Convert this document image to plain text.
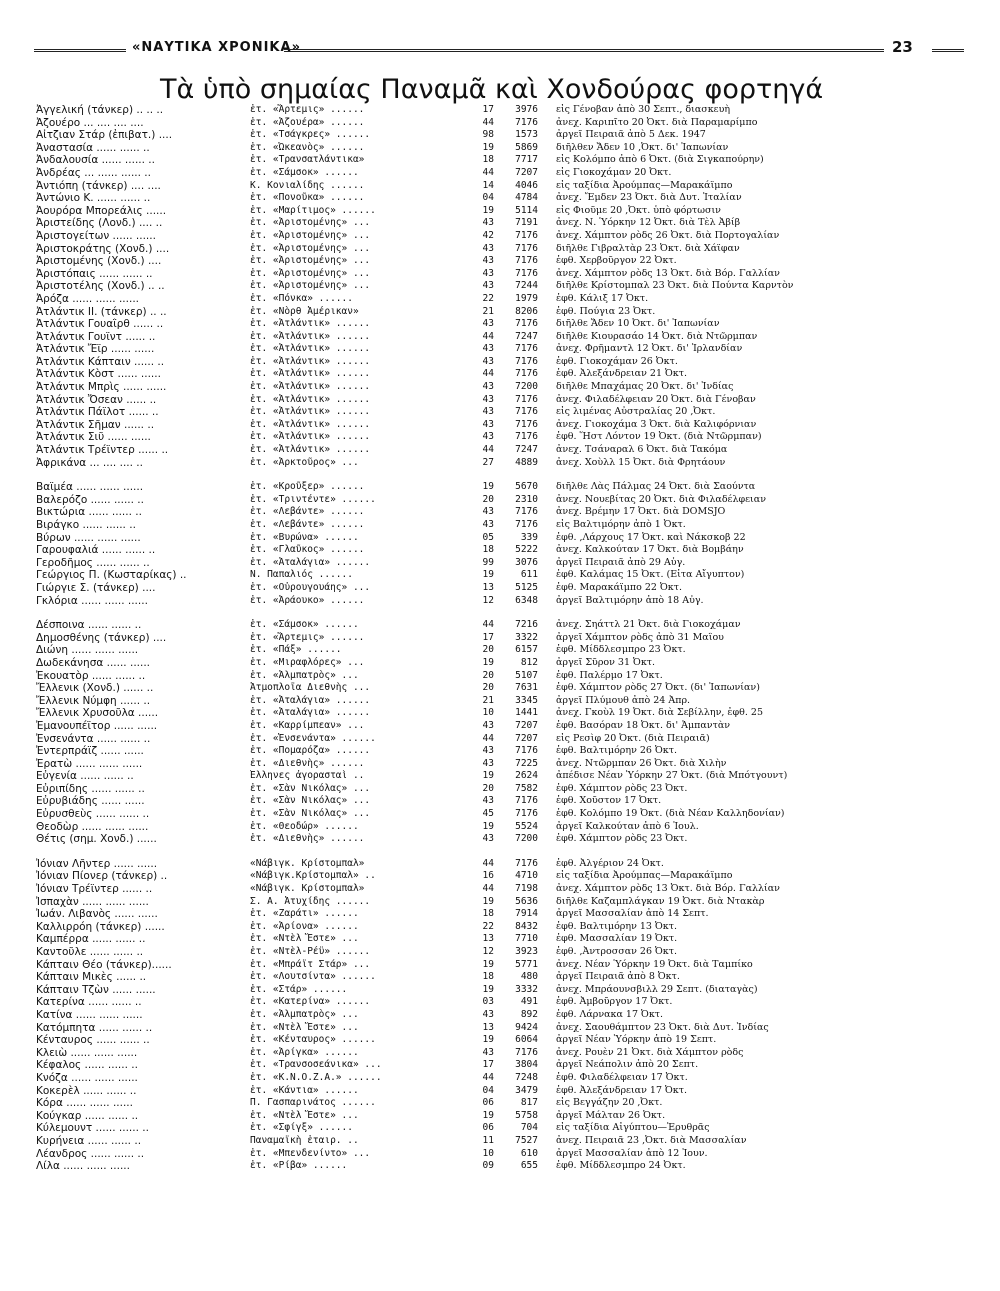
«ΝΑΥΤΙΚΑ ΧΡΟΝΙΚΑ»	23
Τὰ ὑπὸ σημαίας Παναμᾶ καὶ Χονδούρας φορτηγά
Ἀγγελική (τάνκερ) .. .. ..	ἑτ. «Ἄρτεμις» ......	17	3976	εἰς Γένοβαν ἀπὸ 30 Σεπτ., διασκευὴ
Ἀζουέρο ... .... .... ....	ἑτ. «Ἀζουέρα» ......	44	7176	ἀνεχ. Καριπῖτο 20 Ὀκτ. διὰ Παραμαρίμπο
Αἰτζιαν Στάρ (ἐπιβατ.) ....	ἑτ. «Τσάγκρες» ......	98	1573	ἀργεῖ Πειραιᾶ ἀπὸ 5 Δεκ. 1947
Ἀναστασία ...... ...... ..	ἑτ. «Ὠκεανὸς» ......	19	5869	διῆλθεν Ἄδεν 10 ,Ὀκτ. δι' Ἰαπωνίαν
Ἀνδαλουσία ...... ...... ..	ἑτ. «Τρανσατλάντικα»	18	7717	εἰς Κολόμπο ἀπὸ 6 Ὀκτ. (διὰ Σιγκαπούρην)
Ἀνδρέας ... ...... ...... ..	ἑτ. «Σάμσοκ» ......	44	7207	εἰς Γιοκοχάμαν 20 Ὀκτ.
Ἀντιόπη (τάνκερ) .... ....	Κ. Κονιαλίδης ......	14	4046	εἰς ταξίδια Ἀρούμπας—Μαρακάϊμπο
Ἀντώνιο Κ. ...... ...... ..	ἑτ. «Πονοῦκα» ......	04	4784	ἀνεχ. Ἔμδεν 23 Ὀκτ. διὰ Δυτ. Ἰταλίαν
Ἀουρόρα Μπορεάλις ......	ἑτ. «Μαρίτιμος» ......	19	5114	εἰς Φιοῦμε 20 ,Ὀκτ. ὑπὸ φόρτωσιν
Ἀριστείδης (Λονδ.) .... ..	ἑτ. «Ἀριστομένης» ...	43	7191	ἀνεχ. Ν. Ὑόρκην 12 Ὀκτ. διὰ Τὲλ Ἀβίβ
Ἀριστογείτων ...... ......	ἑτ. «Ἀριστομένης» ...	42	7176	ἀνεχ. Χάμπτον ρὸδς 26 Ὀκτ. διὰ Πορτογαλίαν
Ἀριστοκράτης (Χονδ.) ....	ἑτ. «Ἀριστομένης» ...	43	7176	διῆλθε Γιβραλτὰρ 23 Ὀκτ. διὰ Χάϊφαν
Ἀριστομένης (Χονδ.) ....	ἑτ. «Ἀριστομένης» ...	43	7176	ἐφθ. Χερβοῦργον 22 Ὀκτ.
Ἀριστόπαις ...... ...... ..	ἑτ. «Ἀριστομένης» ...	43	7176	ἀνεχ. Χάμπτον ρὸδς 13 Ὀκτ. διὰ Βόρ. Γαλλίαν
Ἀριστοτέλης (Χονδ.) .. ..	ἑτ. «Ἀριστομένης» ...	43	7244	διῆλθε Κρίστομπαλ 23 Ὀκτ. διὰ Πούντα Καρντὸν
Ἀρόζα ...... ...... ......	ἑτ. «Πόνκα» ......	22	1979	ἐφθ. Κάλιξ 17 Ὀκτ.
Ἀτλάντικ ΙΙ. (τάνκερ) .. ..	ἑτ. «Νὸρθ Ἀμέρικαν»	21	8206	ἐφθ. Πούγια 23 Ὀκτ.
Ἀτλάντικ Γουαΐρθ ...... ..	ἑτ. «Ἀτλάντικ» ......	43	7176	διῆλθε Ἄδεν 10 Ὀκτ. δι' Ἰαπωνίαν
Ἀτλάντικ Γουϊντ ...... ..	ἑτ. «Ἀτλάντικ» ......	44	7247	διῆλθε Κιουρασάο 14 Ὀκτ. διὰ Ντῶρμπαν
Ἀτλάντικ Ἔϊρ ...... ......	ἑτ. «Ἀτλάντικ» ......	43	7176	ἀνεχ. Φρῆμαντλ 12 Ὀκτ. δι' Ἰρλανδίαν
Ἀτλάντικ Κάπταιν ...... ..	ἑτ. «Ἀτλάντικ» ......	43	7176	ἐφθ. Γιοκοχάμαν 26 Ὀκτ.
Ἀτλάντικ Κὸστ ...... ......	ἑτ. «Ἀτλάντικ» ......	44	7176	ἐφθ. Ἀλεξάνδρειαν 21 Ὀκτ.
Ἀτλάντικ Μπρὶς ...... ......	ἑτ. «Ἀτλάντικ» ......	43	7200	διῆλθε Μπαχάμας 20 Ὀκτ. δι' Ἰνδίας
Ἀτλάντικ Ὄσεαν ...... ..	ἑτ. «Ἀτλάντικ» ......	43	7176	ἀνεχ. Φιλαδέλφειαν 20 Ὀκτ. διὰ Γένοβαν
Ἀτλάντικ Πάϊλοτ ...... ..	ἑτ. «Ἀτλάντικ» ......	43	7176	εἰς λιμένας Αὐστραλίας 20 ,Ὀκτ.
Ἀτλάντικ Σῆμαν ...... ..	ἑτ. «Ἀτλάντικ» ......	43	7176	ἀνεχ. Γιοκοχάμα 3 Ὀκτ. διὰ Καλιφόρνιαν
Ἀτλάντικ Σιῦ ...... ......	ἑτ. «Ἀτλάντικ» ......	43	7176	ἐφθ. Ἥστ Λόντον 19 Ὀκτ. (διὰ Ντῶρμπαν)
Ἀτλάντικ Τρέϊντερ ...... ..	ἑτ. «Ἀτλάντικ» ......	44	7247	ἀνεχ. Τσάναραλ 6 Ὀκτ. διὰ Τακόμα
Ἀφρικάνα ... .... .... ..	ἑτ. «Ἀρκτοῦρος» ...	27	4889	ἀνεχ. Χοὺλλ 15 Ὀκτ. διὰ Φρητάουν
Βαϊμέα ...... ...... ......	ἑτ. «Κροῦξερ» ......	19	5670	διῆλθε Λὰς Πάλμας 24 Ὀκτ. διὰ Σαούντα
Βαλερόζο ...... ...... ..	ἑτ. «Τριντέντε» ......	20	2310	ἀνεχ. Νουεβίτας 20 Ὀκτ. διὰ Φιλαδέλφειαν
Βικτώρια ...... ...... ..	ἑτ. «Λεβάντε» ......	43	7176	ἀνεχ. Βρέμην 17 Ὀκτ. διὰ DOMSJO
Βιράγκο ...... ...... ..	ἑτ. «Λεβάντε» ......	43	7176	εἰς Βαλτιμόρην ἀπὸ 1 Ὀκτ.
Βύρων ...... ...... ......	ἑτ. «Βυρώνα» ......	05	339	ἐφθ. ,Λάρχους 17 Ὀκτ. καὶ Νάκσκοβ 22
Γαρουφαλιά ...... ...... ..	ἑτ. «Γλαῦκος» ......	18	5222	ἀνεχ. Καλκούταν 17 Ὀκτ. διὰ Βομβάην
Γεροδῆμος ...... ...... ..	ἑτ. «Ἀταλάγια» ......	99	3076	ἀργεῖ Πειραιᾶ ἀπὸ 29 Αὐγ.
Γεώργιος Π. (Κωσταρίκας) ..	Ν. Παπαλιός ......	19	611	ἐφθ. Καλάμας 15 Ὀκτ. (Εἶτα Αἴγυπτον)
Γιώργιε Σ. (τάνκερ) ....	ἑτ. «Οὐρουγουάης» ...	13	5125	ἐφθ. Μαρακάϊμπο 22 Ὀκτ.
Γκλόρια ...... ...... ......	ἑτ. «Ἀράουκο» ......	12	6348	ἀργεῖ Βαλτιμόρην ἀπὸ 18 Αὐγ.
Δέσποινα ...... ...... ..	ἑτ. «Σάμσοκ» ......	44	7216	ἀνεχ. Σηάττλ 21 Ὀκτ. διὰ Γιοκοχάμαν
Δημοσθένης (τάνκερ) ....	ἑτ. «Ἄρτεμις» ......	17	3322	ἀργεῖ Χάμπτον ρὸδς ἀπὸ 31 Μαΐου
Διώνη ...... ...... ......	ἑτ. «Πάξ» ......	20	6157	ἐφθ. Μίδδλεσμπρο 23 Ὀκτ.
Δωδεκάνησα ...... ......	ἑτ. «Μιραφλόρες» ...	19	812	ἀργεῖ Σῦρον 31 Ὀκτ.
Ἐκουατὸρ ...... ...... ..	ἑτ. «Ἀλμπατρὸς» ...	20	5107	ἐφθ. Παλέρμο 17 Ὀκτ.
Ἔλλενικ (Χονδ.) ...... ..	Ἀτμοπλοΐα Διεθνὴς ...	20	7631	ἐφθ. Χάμπτον ρὸδς 27 Ὀκτ. (δι' Ἰαπωνίαν)
Ἔλλενικ Νύμφη ...... ..	ἑτ. «Ἀταλάγια» ......	21	3345	ἀργεῖ Πλύμουθ ἀπὸ 24 Ἀπρ.
Ἔλλενικ Χρυσοῦλα ......	ἑτ. «Ἀταλάγια» ......	10	1441	ἀνεχ. Γκοὺλ 19 Ὀκτ. διὰ Σεβίλλην, ἐφθ. 25
Ἐμανουπέϊτορ ...... ......	ἑτ. «Καρρίμπεαν» ...	43	7207	ἐφθ. Βασόραν 18 Ὀκτ. δι' Ἀμπαντὰν
Ἐνσενάντα ...... ...... ..	ἑτ. «Ἐνσενάντα» ......	44	7207	εἰς Ρεσὶφ 20 Ὀκτ. (διὰ Πειραιᾶ)
Ἐντερπράϊζ ...... ......	ἑτ. «Πομαρόζα» ......	43	7176	ἐφθ. Βαλτιμόρην 26 Ὀκτ.
Ἐρατὼ ...... ...... ......	ἑτ. «Διεθνὴς» ......	43	7225	ἀνεχ. Ντῶρμπαν 26 Ὀκτ. διὰ Χιλὴν
Εὐγενία ...... ...... ..	Ἕλληνες ἀγορασταὶ ..	19	2624	ἀπέδισε Νέαν Ὑόρκην 27 Ὀκτ. (διὰ Μπότγουντ)
Εὐριπίδης ...... ...... ..	ἑτ. «Σὰν Νικόλας» ...	20	7582	ἐφθ. Χάμπτον ρὸδς 23 Ὀκτ.
Εὐρυβιάδης ...... ......	ἑτ. «Σὰν Νικόλας» ...	43	7176	ἐφθ. Χοῦστον 17 Ὀκτ.
Εὐρυσθεὺς ...... ...... ..	ἑτ. «Σὰν Νικόλας» ...	45	7176	ἐφθ. Κολόμπο 19 Ὀκτ. (διὰ Νέαν Καλληδονίαν)
Θεοδὼρ ...... ...... ......	ἑτ. «Θεοδώρ» ......	19	5524	ἀργεῖ Καλκούταν ἀπὸ 6 Ἰουλ.
Θέτις (σημ. Χονδ.) ......	ἑτ. «Διεθνὴς» ......	43	7200	ἐφθ. Χάμπτον ρὸδς 23 Ὀκτ.
Ἰόνιαν Λῆντερ ...... ......	«Νάβιγκ. Κρίστομπαλ»	44	7176	ἐφθ. Ἀλγέριον 24 Ὀκτ.
Ἰόνιαν Πίονερ (τάνκερ) ..	«Νάβιγκ.Κρίστομπαλ» ..	16	4710	εἰς ταξίδια Ἀρούμπας—Μαρακάϊμπο
Ἰόνιαν Τρέϊντερ ...... ..	«Νάβιγκ. Κρίστομπαλ»	44	7198	ἀνεχ. Χάμπτον ρὸδς 13 Ὀκτ. διὰ Βόρ. Γαλλίαν
Ἰσπαχὰν ...... ...... ......	Σ. Α. Ἀτυχίδης ......	19	5636	διῆλθε Καζαμπλάγκαν 19 Ὀκτ. διὰ Ντακὰρ
Ἰωάν. Λιβανὸς ...... ......	ἑτ. «Ζαράτι» ......	18	7914	ἀργεῖ Μασσαλίαν ἀπὸ 14 Σεπτ.
Καλλιρρόη (τάνκερ) ......	ἑτ. «Ἀρίονα» ......	22	8432	ἐφθ. Βαλτιμόρην 13 Ὀκτ.
Καμπέρρα ...... ...... ..	ἑτ. «Ντὲλ Ἔστε» ...	13	7710	ἐφθ. Μασσαλίαν 19 Ὀκτ.
Καντοῦλε ...... ...... ..	ἑτ. «Ντὲλ-Ρέϋ» ......	12	3923	ἐφθ. ,Ἀντροσσαν 26 Ὀκτ.
Κάπταιν Θέο (τάνκερ)......	ἑτ. «Μπράϊτ Στάρ» ...	19	5771	ἀνεχ. Νέαν Ὑόρκην 19 Ὀκτ. διὰ Ταμπίκο
Κάπταιν Μικὲς ...... ..	ἑτ. «Λουτσίντα» ......	18	480	ἀργεῖ Πειραιᾶ ἀπὸ 8 Ὀκτ.
Κάπταιν Τζὼν ...... ......	ἑτ. «Στάρ» ......	19	3332	ἀνεχ. Μπράουνσβιλλ 29 Σεπτ. (διαταγὰς)
Κατερίνα ...... ...... ..	ἑτ. «Κατερίνα» ......	03	491	ἐφθ. Ἀμβοῦργον 17 Ὀκτ.
Κατίνα ...... ...... ......	ἑτ. «Ἀλμπατρὸς» ...	43	892	ἐφθ. Λάρνακα 17 Ὀκτ.
Κατόμπητα ...... ...... ..	ἑτ. «Ντὲλ Ἔστε» ...	13	9424	ἀνεχ. Σαουθάμπτον 23 Ὀκτ. διὰ Δυτ. Ἰνδίας
Κένταυρος ...... ...... ..	ἑτ. «Κένταυρος» ......	19	6064	ἀργεῖ Νέαν Ὑόρκην ἀπὸ 19 Σεπτ.
Κλειὼ ...... ...... ......	ἑτ. «Ἀρίγκα» ......	43	7176	ἀνεχ. Ρουὲν 21 Ὀκτ. διὰ Χάμπτον ρὸδς
Κέφαλος ...... ...... ..	ἑτ. «Τρανσοσεάνικα» ...	17	3804	ἀργεῖ Νεάπολιν ἀπὸ 20 Σεπτ.
Κνόζα ...... ...... ......	ἑτ. «Κ.Ν.Ο.Ζ.Α.» ......	44	7248	ἐφθ. Φιλαδέλφειαν 17 Ὀκτ.
Κοκερὲλ ...... ...... ..	ἑτ. «Κάντια» ......	04	3479	ἐφθ. Ἀλεξάνδρειαν 17 Ὀκτ.
Κόρα ...... ...... ......	Π. Γασπαρινάτος ......	06	817	εἰς Βεγγάζην 20 ,Ὀκτ.
Κούγκαρ ...... ...... ..	ἑτ. «Ντὲλ Ἔστε» ...	19	5758	ἀργεῖ Μάλταν 26 Ὀκτ.
Κύλεμουντ ...... ...... ..	ἑτ. «Σφίγξ» ......	06	704	εἰς ταξίδια Αἰγύπτου—Ἐρυθρᾶς
Κυρήνεια ...... ...... ..	Παναμαϊκὴ ἑταιρ. ..	11	7527	ἀνεχ. Πειραιᾶ 23 ,Ὀκτ. διὰ Μασσαλίαν
Λέανδρος ...... ...... ..	ἑτ. «Μπενδενίντο» ...	10	610	ἀργεῖ Μασσαλίαν ἀπὸ 12 Ἰουν.
Λίλα ...... ...... ......	ἑτ. «Ρίβα» ......	09	655	ἐφθ. Μίδδλεσμπρο 24 Ὀκτ.
